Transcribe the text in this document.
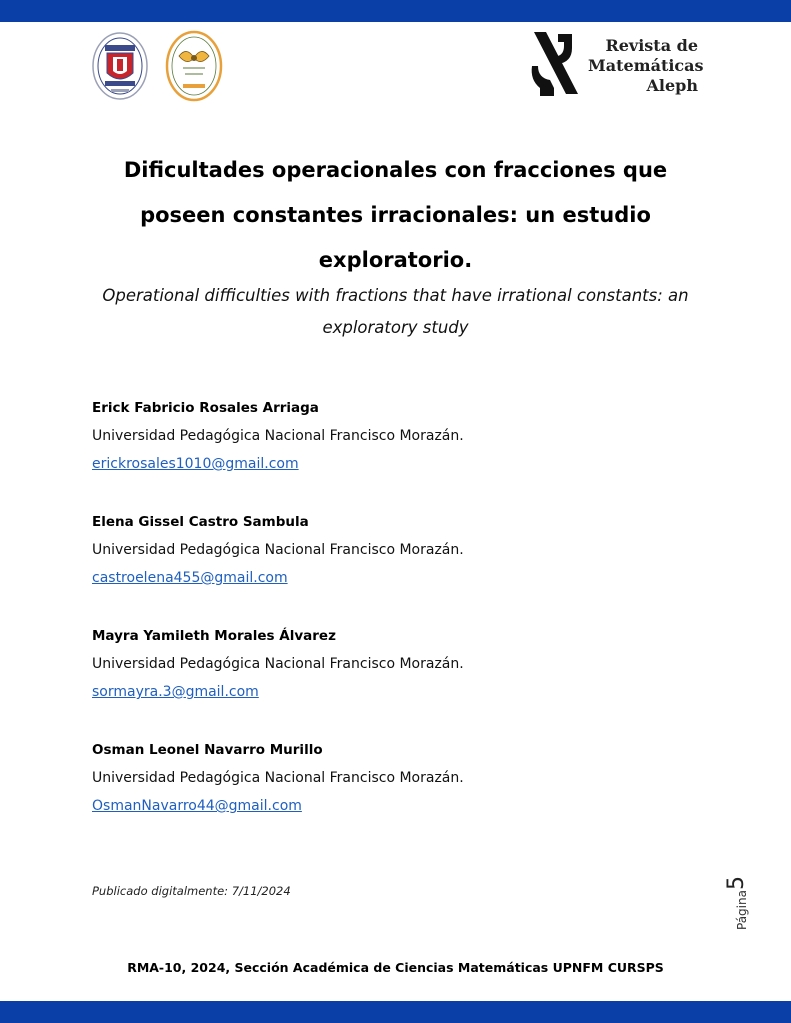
Revista de
Matemáticas
Aleph
Dificultades operacionales con fracciones que poseen constantes irracionales: un estudio exploratorio.
Operational difficulties with fractions that have irrational constants: an exploratory study
Erick Fabricio Rosales Arriaga
Universidad Pedagógica Nacional Francisco Morazán.
erickrosales1010@gmail.com
Elena Gissel Castro Sambula
Universidad Pedagógica Nacional Francisco Morazán.
castroelena455@gmail.com
Mayra Yamileth Morales Álvarez
Universidad Pedagógica Nacional Francisco Morazán.
sormayra.3@gmail.com
Osman Leonel Navarro Murillo
Universidad Pedagógica Nacional Francisco Morazán.
OsmanNavarro44@gmail.com
Publicado digitalmente: 7/11/2024	Página5
RMA-10, 2024, Sección Académica de Ciencias Matemáticas UPNFM CURSPS
